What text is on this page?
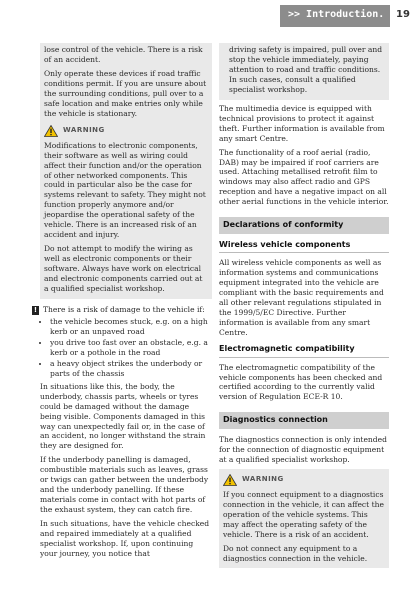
>> Introduction. 19

lose control of the vehicle. There is a risk of an accident.

Only operate these devices if road traffic conditions permit. If you are unsure about the surrounding conditions, pull over to a safe location and make entries only while the vehicle is stationary.

WARNING

Modifications to electronic components, their software as well as wiring could affect their function and/or the operation of other networked components. This could in particular also be the case for systems relevant to safety. They might not function properly anymore and/or jeopardise the operational safety of the vehicle. There is an increased risk of an accident and injury.

Do not attempt to modify the wiring as well as electronic components or their software. Always have work on electrical and electronic components carried out at a qualified specialist workshop.

! There is a risk of damage to the vehicle if:
• the vehicle becomes stuck, e.g. on a high kerb or an unpaved road
• you drive too fast over an obstacle, e.g. a kerb or a pothole in the road
• a heavy object strikes the underbody or parts of the chassis

In situations like this, the body, the underbody, chassis parts, wheels or tyres could be damaged without the damage being visible. Components damaged in this way can unexpectedly fail or, in the case of an accident, no longer withstand the strain they are designed for.

If the underbody panelling is damaged, combustible materials such as leaves, grass or twigs can gather between the underbody and the underbody panelling. If these materials come in contact with hot parts of the exhaust system, they can catch fire.

In such situations, have the vehicle checked and repaired immediately at a qualified specialist workshop. If, upon continuing your journey, you notice that

driving safety is impaired, pull over and stop the vehicle immediately, paying attention to road and traffic conditions. In such cases, consult a qualified specialist workshop.

The multimedia device is equipped with technical provisions to protect it against theft. Further information is available from any smart Centre.

The functionality of a roof aerial (radio, DAB) may be impaired if roof carriers are used. Attaching metallised retrofit film to windows may also affect radio and GPS reception and have a negative impact on all other aerial functions in the vehicle interior.

Declarations of conformity
Wireless vehicle components

All wireless vehicle components as well as information systems and communications equipment integrated into the vehicle are compliant with the basic requirements and all other relevant regulations stipulated in the 1999/5/EC Directive. Further information is available from any smart Centre.

Electromagnetic compatibility

The electromagnetic compatibility of the vehicle components has been checked and certified according to the currently valid version of Regulation ECE-R 10.

Diagnostics connection

The diagnostics connection is only intended for the connection of diagnostic equipment at a qualified specialist workshop.

WARNING

If you connect equipment to a diagnostics connection in the vehicle, it can affect the operation of the vehicle systems. This may affect the operating safety of the vehicle. There is a risk of an accident.

Do not connect any equipment to a diagnostics connection in the vehicle.
